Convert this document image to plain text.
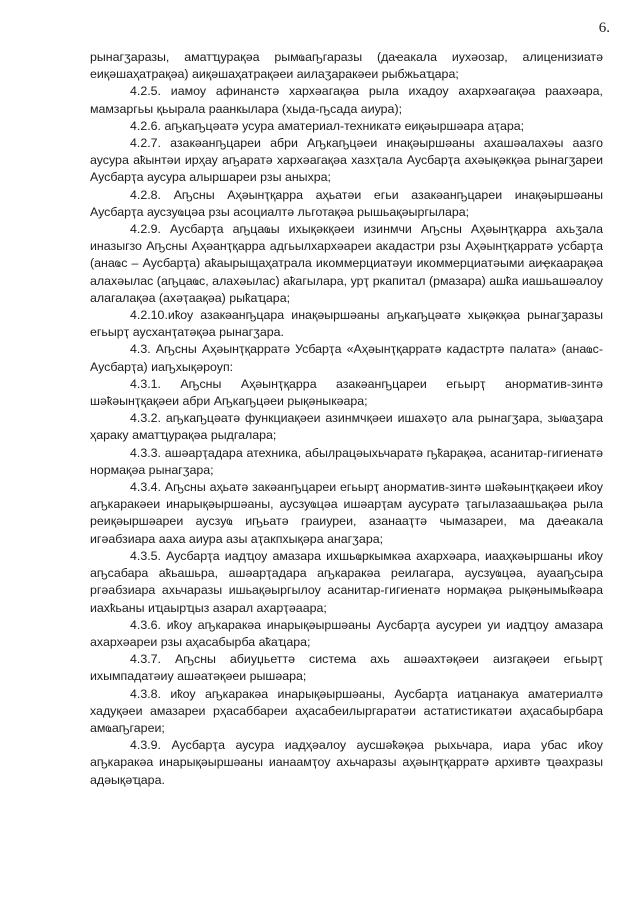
6.

рынагӡаразы, аматҵурақәа рымҩаҧгаразы (даҽакала иухәозар, алиценизиатә еиқәшаҳатрақәа) аиқәшаҳатрақәеи аилаӡаракәеи рыбжьаҵара;

4.2.5. иамоу афинанстә хархәагақәа рыла ихадоу ахархәагақәа раахәара, мамзаргьы қьырала раанкылара (хыда-ҧсада аиура);

4.2.6. аҧкаҧцәатә усура аматериал-техникатә еиқәыршәара аҭара;

4.2.7. азакәанҧцареи абри Аҧкаҧцәеи инақәыршәаны ахашәалахәы аазго аусура аҟынтәи ирҳау аҧаратә хархәагақәа хазхҭала Аусбарҭа ахәықәкқәа рынагӡареи Аусбарҭа аусура алыршареи рзы аныхра;

4.2.8. Аҧсны Аҳәынҭқарра аҳьатәи егьи азакәанҧцареи инақәыршәаны Аусбарҭа аусзуҩцәа рзы асоциалтә льготақәа рышьақәыргылара;

4.2.9. Аусбарҭа аҧцаҩы ихықәкқәеи изинмчи Аҧсны Аҳәынҭқарра ахьӡала иназыгзо Аҧсны Аҳәанҭқарра адгьылхархәареи акадастри рзы Аҳәынҭқарратә усбарҭа (анаҩс – Аусбарҭа) аҟаырыщаҳатрала икоммерциатәуи икоммерциатәыми аиҿкаарақәа алахәылас (аҧцаҩс, алахәылас) аҟагылара, урҭ ркапитал (рмазара) ашҟа иашьашәалоу алагалақәа (ахәҭаақәа) рыҟаҵара;

4.2.10.иҟоу азакәанҧцара инақәыршәаны аҧкаҧцәатә хықәкқәа рынагӡаразы егьырҭ аусханҭатәқәа рынагӡара.

4.3. Аҧсны Аҳәынҭқарратә Усбарҭа «Аҳәынҭқарратә кадастртә палата» (анаҩс-Аусбарҭа) иаҧхықәроуп:

4.3.1. Аҧсны Аҳәынҭқарра азакәанҧцареи егьырҭ анорматив-зинтә шәҟәынҭқақәеи абри Аҧкаҧцәеи рықәныкәара;

4.3.2. аҧкаҧцәатә функциақәеи азинмчқәеи ишахәҭо ала рынагӡара, зыҩаӡара ҳараку аматҵурақәа рыдгалара;

4.3.3. ашәарҭадара атехника, абылрацәыхьчаратә ҧҟарақәа, асанитар-гигиенатә нормақәа рынагӡара;

4.3.4. Аҧсны аҳьатә закәанҧцареи егьырҭ анорматив-зинтә шәҟәынҭқақәеи иҟоу аҧкаракәеи инарықәыршәаны, аусзуҩцәа ишәарҭам аусуратә ҭагылазаашьақәа рыла реиқәыршәареи аусзуҩ иҧьатә граиуреи, азанааҭтә чымазареи, ма даҽакала игәабзиара ааха аиура азы аҭакпхықәра анагӡара;

4.3.5. Аусбарҭа иадҵоу амазара ихшьҩркымкәа ахархәара, иааҳкәыршаны иҟоу аҧсабара аҟьашьра, ашәарҭадара аҧкаракәа реилагара, аусзуҩцәа, ауааҧсыра ргәабзиара ахьчаразы ишьақәыргылоу асанитар-гигиенатә нормақәа рықәнымыҟәара иахҟьаны иҵаырҵыз азарал ахарҭәаара;

4.3.6. иҟоу аҧкаракәа инарықәыршәаны Аусбарҭа аусуреи уи иадҵоу амазара ахархәареи рзы аҳасабырба аҟаҵара;

4.3.7. Аҧсны абиуџьеттә система ахь ашәахтәқәеи аизгақәеи егьырҭ ихымпадатәиу ашәатәқәеи рышәара;

4.3.8. иҟоу аҧкаракәа инарықәыршәаны, Аусбарҭа иаҵанакуа аматериалтә хадуқәеи амазареи рҳасаббареи аҳасабеилыргаратәи астатистикатәи аҳасабырбара амҩаҧгареи;

4.3.9. Аусбарҭа аусура иадҳәалоу аусшәҟәқәа рыхьчара, иара убас иҟоу аҧкаракәа инарықәыршәаны ианаамҭоу ахьчаразы аҳәынҭқарратә архивтә ҵәахразы адәықәҵара.
